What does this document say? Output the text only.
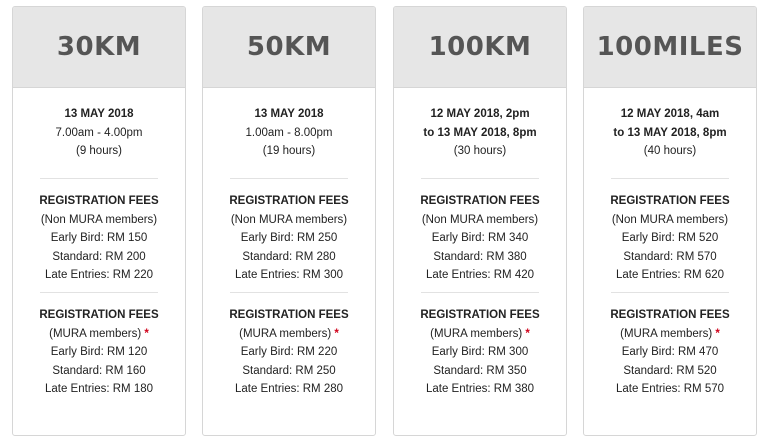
30KM
13 MAY 2018
7.00am - 4.00pm
(9 hours)
REGISTRATION FEES
(Non MURA members)
Early Bird: RM 150
Standard: RM 200
Late Entries: RM 220
REGISTRATION FEES
(MURA members) *
Early Bird: RM 120
Standard: RM 160
Late Entries: RM 180
50KM
13 MAY 2018
1.00am - 8.00pm
(19 hours)
REGISTRATION FEES
(Non MURA members)
Early Bird: RM 250
Standard: RM 280
Late Entries: RM 300
REGISTRATION FEES
(MURA members) *
Early Bird: RM 220
Standard: RM 250
Late Entries: RM 280
100KM
12 MAY 2018, 2pm
to 13 MAY 2018, 8pm
(30 hours)
REGISTRATION FEES
(Non MURA members)
Early Bird: RM 340
Standard: RM 380
Late Entries: RM 420
REGISTRATION FEES
(MURA members) *
Early Bird: RM 300
Standard: RM 350
Late Entries: RM 380
100MILES
12 MAY 2018, 4am
to 13 MAY 2018, 8pm
(40 hours)
REGISTRATION FEES
(Non MURA members)
Early Bird: RM 520
Standard: RM 570
Late Entries: RM 620
REGISTRATION FEES
(MURA members) *
Early Bird: RM 470
Standard: RM 520
Late Entries: RM 570
